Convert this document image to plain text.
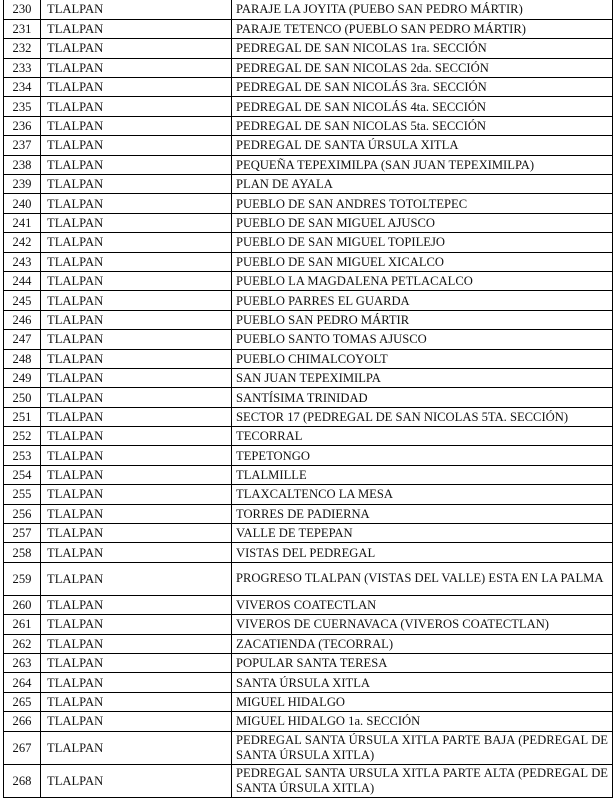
230	TLALPAN	PARAJE LA JOYITA (PUEBO SAN PEDRO MÁRTIR)
231	TLALPAN	PARAJE TETENCO (PUEBLO SAN PEDRO MÁRTIR)
232	TLALPAN	PEDREGAL DE SAN NICOLAS 1ra. SECCIÓN
233	TLALPAN	PEDREGAL DE SAN NICOLAS 2da. SECCIÓN
234	TLALPAN	PEDREGAL DE SAN NICOLÁS 3ra. SECCIÓN
235	TLALPAN	PEDREGAL DE SAN NICOLÁS 4ta. SECCIÓN
236	TLALPAN	PEDREGAL DE SAN NICOLAS 5ta. SECCIÓN
237	TLALPAN	PEDREGAL DE SANTA ÚRSULA XITLA
238	TLALPAN	PEQUEÑA TEPEXIMILPA (SAN JUAN TEPEXIMILPA)
239	TLALPAN	PLAN DE AYALA
240	TLALPAN	PUEBLO DE SAN ANDRES TOTOLTEPEC
241	TLALPAN	PUEBLO DE SAN MIGUEL AJUSCO
242	TLALPAN	PUEBLO DE SAN MIGUEL TOPILEJO
243	TLALPAN	PUEBLO DE SAN MIGUEL XICALCO
244	TLALPAN	PUEBLO LA MAGDALENA PETLACALCO
245	TLALPAN	PUEBLO PARRES EL GUARDA
246	TLALPAN	PUEBLO SAN PEDRO MÁRTIR
247	TLALPAN	PUEBLO SANTO TOMAS AJUSCO
248	TLALPAN	PUEBLO CHIMALCOYOLT
249	TLALPAN	SAN JUAN TEPEXIMILPA
250	TLALPAN	SANTÍSIMA TRINIDAD
251	TLALPAN	SECTOR 17 (PEDREGAL DE SAN NICOLAS 5TA. SECCIÓN)
252	TLALPAN	TECORRAL
253	TLALPAN	TEPETONGO
254	TLALPAN	TLALMILLE
255	TLALPAN	TLAXCALTENCO LA MESA
256	TLALPAN	TORRES DE PADIERNA
257	TLALPAN	VALLE DE TEPEPAN
258	TLALPAN	VISTAS DEL PEDREGAL
259	TLALPAN	PROGRESO TLALPAN (VISTAS DEL VALLE) ESTA EN LA PALMA
260	TLALPAN	VIVEROS COATECTLAN
261	TLALPAN	VIVEROS DE CUERNAVACA (VIVEROS COATECTLAN)
262	TLALPAN	ZACATIENDA (TECORRAL)
263	TLALPAN	POPULAR SANTA TERESA
264	TLALPAN	SANTA ÚRSULA XITLA
265	TLALPAN	MIGUEL HIDALGO
266	TLALPAN	MIGUEL HIDALGO 1a. SECCIÓN
267	TLALPAN	PEDREGAL SANTA ÚRSULA XITLA PARTE BAJA (PEDREGAL DE SANTA ÚRSULA XITLA)
268	TLALPAN	PEDREGAL SANTA URSULA XITLA PARTE ALTA (PEDREGAL DE SANTA ÚRSULA XITLA)
